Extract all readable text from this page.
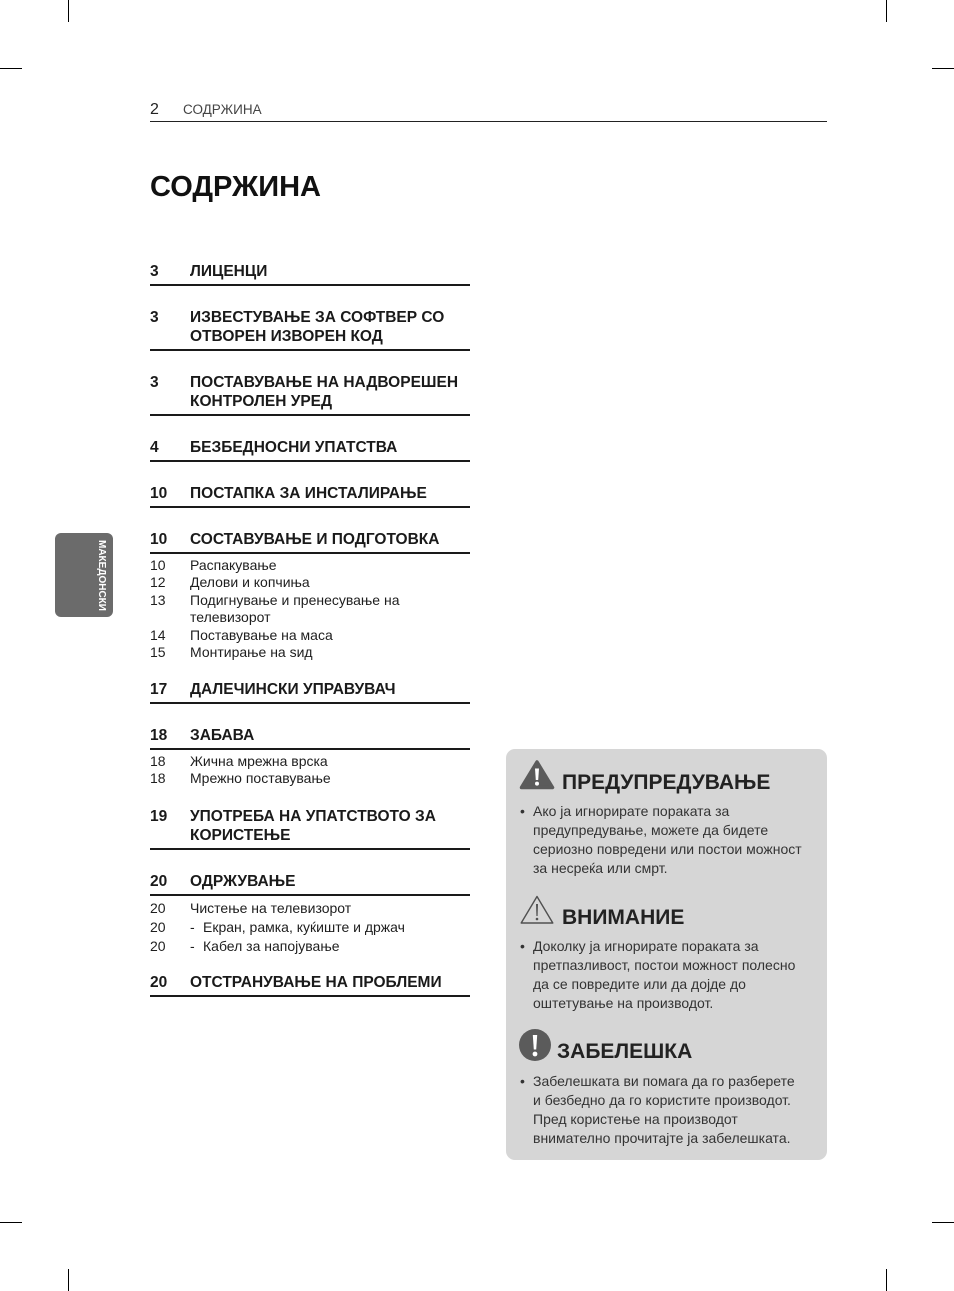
2 СОДРЖИНА
СОДРЖИНА
МАКЕДОНСКИ
3	ЛИЦЕНЦИ
3	ИЗВЕСТУВАЊЕ ЗА СОФТВЕР СО
ОТВОРЕН ИЗВОРЕН КОД
3	ПОСТАВУВАЊЕ НА НАДВОРЕШЕН
КОНТРОЛЕН УРЕД
4	БЕЗБЕДНОСНИ УПАТСТВА
10	ПОСТАПКА ЗА ИНСТАЛИРАЊЕ
10	СОСТАВУВАЊЕ И ПОДГОТОВКА
10	Распакување
12	Делови и копчиња
13	Подигнување и пренесување на
телевизорот
14	Поставување на маса
15	Монтирање на ѕид
17	ДАЛЕЧИНСКИ УПРАВУВАЧ
18	ЗАБАВА
18	Жична мрежна врска
18	Мрежно поставување
19	УПОТРЕБА НА УПАТСТВОТО ЗА
КОРИСТЕЊЕ
20	ОДРЖУВАЊЕ
20	Чистење на телевизорот
20	- Екран, рамка, куќиште и држач
20	- Кабел за напојување
20	ОТСТРАНУВАЊЕ НА ПРОБЛЕМИ
ПРЕДУПРЕДУВАЊЕ
• Ако ја игнорирате пораката за
предупредување, можете да бидете
сериозно повредени или постои можност
за несреќа или смрт.
ВНИМАНИЕ
• Доколку ја игнорирате пораката за
претпазливост, постои можност полесно
да се повредите или да дојде до
оштетување на производот.
ЗАБЕЛЕШКА
• Забелешката ви помага да го разберете
и безбедно да го користите производот.
Пред користење на производот
внимателно прочитајте ја забелешката.
